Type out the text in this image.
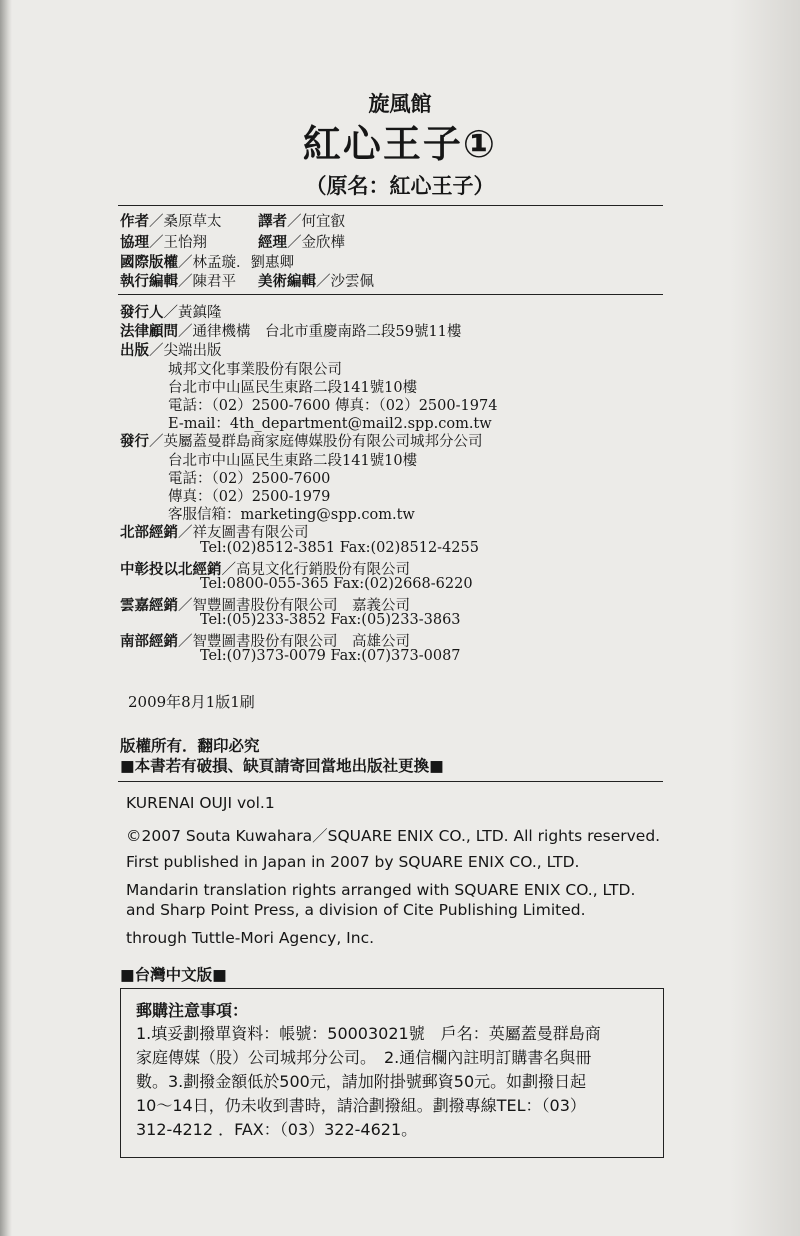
旋風館
紅心王子①
（原名：紅心王子）
作者／桑原草太	譯者／何宜叡
協理／王怡翔	經理／金欣樺
國際版權／林孟璇．劉惠卿
執行編輯／陳君平 美術編輯／沙雲佩
發行人／黃鎮隆
法律顧問／通律機構　台北市重慶南路二段59號11樓
出版／尖端出版
城邦文化事業股份有限公司
台北市中山區民生東路二段141號10樓
電話：（02）2500-7600 傳真：（02）2500-1974
E-mail：4th_department@mail2.spp.com.tw
發行／英屬蓋曼群島商家庭傳媒股份有限公司城邦分公司
台北市中山區民生東路二段141號10樓
電話：（02）2500-7600
傳真：（02）2500-1979
客服信箱：marketing@spp.com.tw
北部經銷／祥友圖書有限公司
Tel:(02)8512-3851 Fax:(02)8512-4255
中彰投以北經銷／高見文化行銷股份有限公司
Tel:0800-055-365 Fax:(02)2668-6220
雲嘉經銷／智豐圖書股份有限公司　嘉義公司
Tel:(05)233-3852 Fax:(05)233-3863
南部經銷／智豐圖書股份有限公司　高雄公司
Tel:(07)373-0079 Fax:(07)373-0087
2009年8月1版1刷
版權所有．翻印必究
■本書若有破損、缺頁請寄回當地出版社更換■
KURENAI OUJI vol.1
©2007 Souta Kuwahara／SQUARE ENIX CO., LTD. All rights reserved.
First published in Japan in 2007 by SQUARE ENIX CO., LTD.
Mandarin translation rights arranged with SQUARE ENIX CO., LTD.
and Sharp Point Press, a division of Cite Publishing Limited.
through Tuttle-Mori Agency, Inc.
■台灣中文版■
郵購注意事項：
1.填妥劃撥單資料：帳號：50003021號　戶名：英屬蓋曼群島商
家庭傳媒（股）公司城邦分公司。　2.通信欄內註明訂購書名與冊
數。3.劃撥金額低於500元，請加附掛號郵資50元。如劃撥日起
10～14日，仍未收到書時，請洽劃撥組。劃撥專線TEL：（03）
312-4212 ．FAX：（03）322-4621。
